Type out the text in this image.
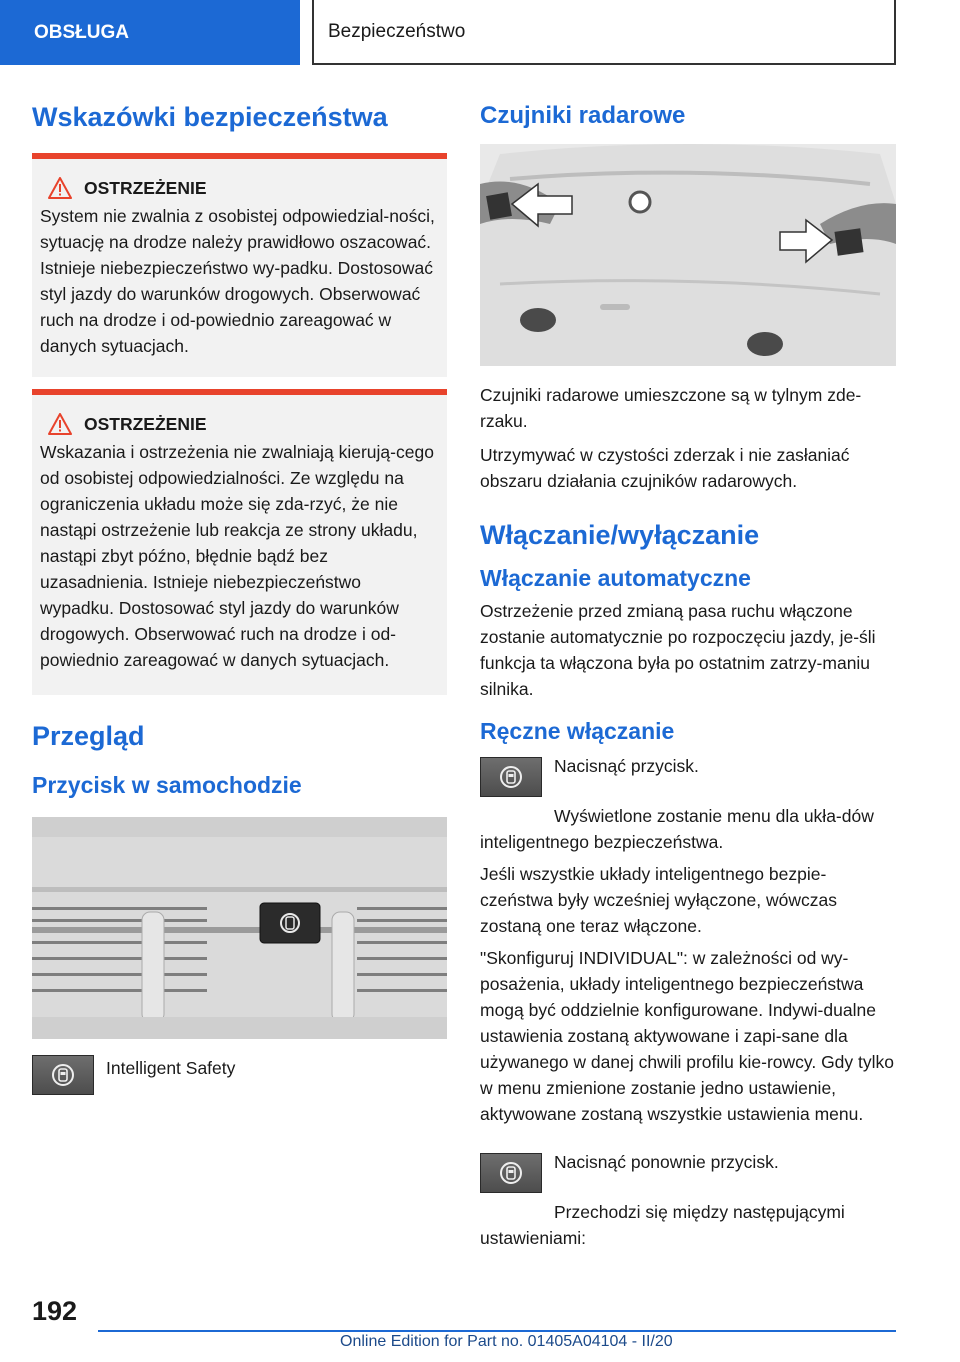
OBSŁUGA	Bezpieczeństwo
Wskazówki bezpieczeństwa
OSTRZEŻENIE

System nie zwalnia z osobistej odpowiedzial-ności, sytuację na drodze należy prawidłowo oszacować. Istnieje niebezpieczeństwo wy-padku. Dostosować styl jazdy do warunków drogowych. Obserwować ruch na drodze i od-powiednio zareagować w danych sytuacjach.

OSTRZEŻENIE

Wskazania i ostrzeżenia nie zwalniają kierują-cego od osobistej odpowiedzialności. Ze względu na ograniczenia układu może się zda-rzyć, że nie nastąpi ostrzeżenie lub reakcja ze strony układu, nastąpi zbyt późno, błędnie bądź bez uzasadnienia. Istnieje niebezpieczeństwo wypadku. Dostosować styl jazdy do warunków drogowych. Obserwować ruch na drodze i od-powiednio zareagować w danych sytuacjach.

Przegląd
Przycisk w samochodzie

Intelligent Safety

Czujniki radarowe

Czujniki radarowe umieszczone są w tylnym zde-rzaku.

Utrzymywać w czystości zderzak i nie zasłaniać obszaru działania czujników radarowych.

Włączanie/wyłączanie
Włączanie automatyczne

Ostrzeżenie przed zmianą pasa ruchu włączone zostanie automatycznie po rozpoczęciu jazdy, je-śli funkcja ta włączona była po ostatnim zatrzy-maniu silnika.

Ręczne włączanie

Nacisnąć przycisk.

Wyświetlone zostanie menu dla ukła-dów inteligentnego bezpieczeństwa.

Jeśli wszystkie układy inteligentnego bezpie-czeństwa były wcześniej wyłączone, wówczas zostaną one teraz włączone.

"Skonfiguruj INDIVIDUAL": w zależności od wy-posażenia, układy inteligentnego bezpieczeństwa mogą być oddzielnie konfigurowane. Indywi-dualne ustawienia zostaną aktywowane i zapi-sane dla używanego w danej chwili profilu kie-rowcy. Gdy tylko w menu zmienione zostanie jedno ustawienie, aktywowane zostaną wszystkie ustawienia menu.

Nacisnąć ponownie przycisk.

Przechodzi się między następującymi ustawieniami:

192
Online Edition for Part no. 01405A04104 - II/20
